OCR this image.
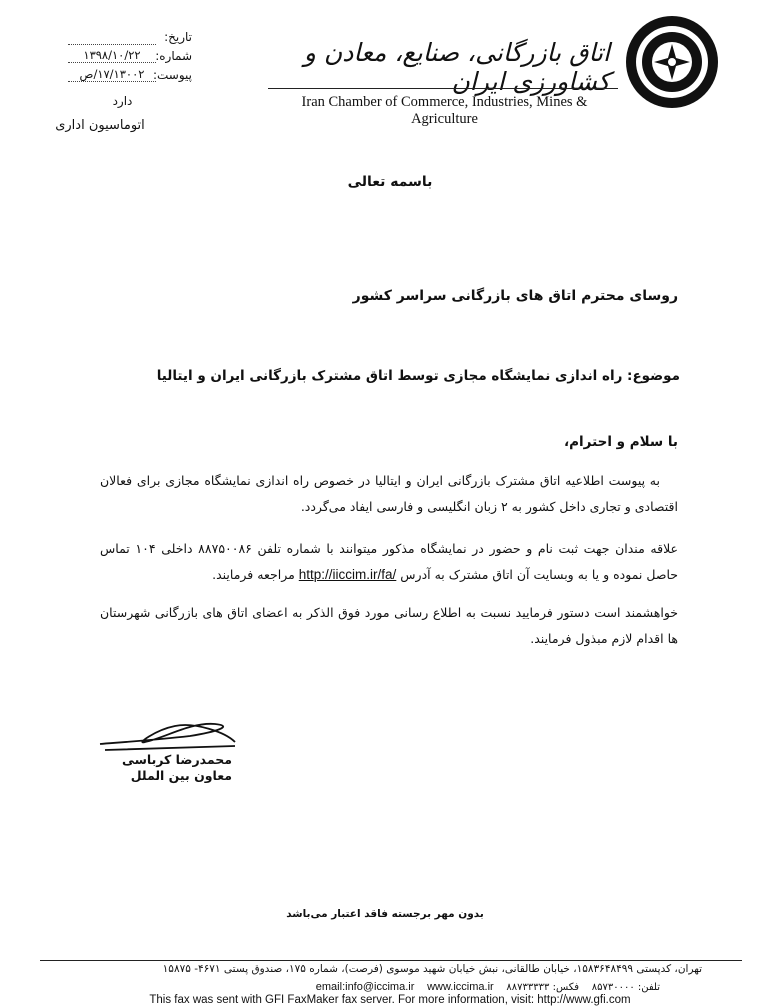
اتاق بازرگانی، صنایع، معادن و کشاورزی ایران
Iran Chamber of Commerce, Industries, Mines & Agriculture
تاریخ:
شماره:
۱۳۹۸/۱۰/۲۲
پیوست:
۱۷/۱۳۰۰۲/ص
دارد
اتوماسیون اداری
باسمه تعالی
روسای محترم اتاق های بازرگانی سراسر کشور
موضوع: راه اندازی نمایشگاه مجازی توسط اتاق مشترک بازرگانی ایران و ایتالیا
با سلام و احترام،
به پیوست اطلاعیه اتاق مشترک بازرگانی ایران و ایتالیا در خصوص راه اندازی نمایشگاه مجازی برای فعالان اقتصادی و تجاری داخل کشور به ۲ زبان انگلیسی و فارسی ایفاد می‌گردد.
علاقه مندان جهت ثبت نام و حضور در نمایشگاه مذکور میتوانند با شماره تلفن ۸۸۷۵۰۰۸۶ داخلی ۱۰۴ تماس حاصل نموده و یا به وبسایت آن اتاق مشترک به آدرس http://iiccim.ir/fa/ مراجعه فرمایند.
خواهشمند است دستور فرمایید نسبت به اطلاع رسانی مورد فوق الذکر به اعضای اتاق های بازرگانی شهرستان ها اقدام لازم مبذول فرمایند.
محمدرضا کرباسی
معاون بین الملل
بدون مهر برجسته فاقد اعتبار می‌باشد
تهران، کدپستی ۱۵۸۳۶۴۸۴۹۹، خیابان طالقانی، نبش خیابان شهید موسوی (فرصت)، شماره ۱۷۵، صندوق پستی ۴۶۷۱- ۱۵۸۷۵
تلفن: ۸۵۷۳۰۰۰۰    فکس: ۸۸۷۳۳۳۳۳    email:info@iccima.ir www.iccima.ir
This fax was sent with GFI FaxMaker fax server. For more information, visit: http://www.gfi.com
